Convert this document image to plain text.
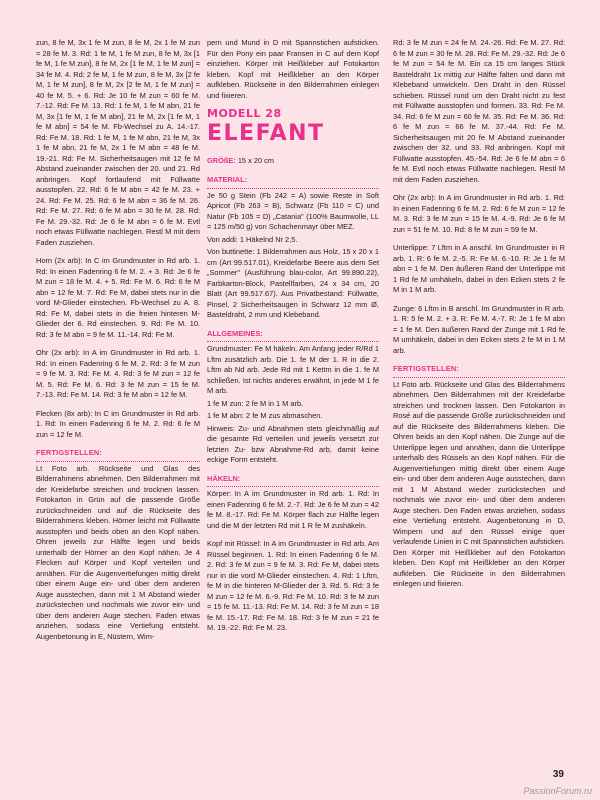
zun, 8 fe M, 3x 1 fe M zun, 8 fe M, 2x 1 fe M zun = 28 fe M. 3. Rd: 1 fe M, 1 fe M zun, 8 fe M, 3x [1 fe M, 1 fe M zun], 8 fe M, 2x [1 fe M, 1 fe M zun] = 34 fe M. 4. Rd: 2 fe M, 1 fe M zun, 8 fe M, 3x [2 fe M, 1 fe M zun], 8 fe M, 2x [2 fe M, 1 fe M zun] = 40 fe M. 5. + 6. Rd: Je 10 fe M zun = 60 fe M. 7.-12. Rd: Fe M. 13. Rd: 1 fe M, 1 fe M abn, 21 fe M, 3x [1 fe M, 1 fe M abn], 21 fe M, 2x [1 fe M, 1 fe M abn] = 54 fe M. Fb-Wechsel zu A. 14.-17. Rd: Fe M. 18. Rd: 1 fe M, 1 fe M abn, 21 fe M, 3x 1 fe M abn, 21 fe M, 2x 1 fe M abn = 48 fe M. 19.-21. Rd: Fe M. Sicherheitsaugen mit 12 fe M Abstand zueinander zwischen der 20. und 21. Rd anbringen. Kopf fortlaufend mit Füllwatte ausstopfen. 22. Rd: 6 fe M abn = 42 fe M. 23. + 24. Rd: Fe M. 25. Rd: 6 fe M abn = 36 fe M. 26. Rd: Fe M. 27. Rd: 6 fe M abn = 30 fe M. 28. Rd: Fe M. 29.-32. Rd: Je 6 fe M abn = 6 fe M. Evtl noch etwas Füllwatte nachlegen. Restl M mit dem Faden zusziehen.

Horn (2x arb): In C im Grundmuster in Rd arb. 1. Rd: In einen Fadenring 6 fe M. 2. + 3. Rd: Je 6 fe M zun = 18 fe M. 4. + 5. Rd: Fe M. 6. Rd: 6 fe M abn = 12 fe M. 7. Rd: Fe M, dabei stets nur in die vord M-Glieder einstechen. Fb-Wechsel zu A. 8. Rd: Fe M, dabei stets in die freien hinteren M-Glieder der 6. Rd einstechen. 9. Rd: Fe M. 10. Rd: 3 fe M abn = 9 fe M. 11.-14. Rd: Fe M.

Ohr (2x arb): In A im Grundmuster in Rd arb. 1. Rd: In einen Fadenring 6 fe M. 2. Rd: 3 fe M zun = 9 fe M. 3. Rd: Fe M. 4. Rd: 3 fe M zun = 12 fe M. 5. Rd: Fe M. 6. Rd: 3 fe M zun = 15 fe M. 7.-13. Rd: Fe M. 14. Rd: 3 fe M abn = 12 fe M.

Flecken (8x arb): In C im Grundmuster in Rd arb. 1. Rd: In einen Fadenring 6 fe M. 2. Rd: 6 fe M zun = 12 fe M.

FERTIGSTELLEN:

Lt Foto arb. Rückseite und Glas des Bilderrahmens abnehmen. Den Bilderrahmen mit der Kreidefarbe streichen und trocknen lassen. Fotokarton in Grün auf die passende Größe zurückschneiden und auf die Rückseite des Bilderrahmens kleben. Hörner leicht mit Füllwatte ausstopfen und beids oben an den Kopf nähen. Ohren jeweils zur Hälfte legen und beids unterhalb der Hörner an den Kopf nähen. Je 4 Flecken auf Körper und Kopf verteilen und annähen. Für die Augenvertiefungen mittig direkt über einem Auge ein- und über dem anderen Auge ausstechen, dann mit 1 M Abstand wieder zurückstechen und nochmals wie zuvor ein- und über dem anderen Auge stechen. Faden etwas anziehen, sodass eine Vertiefung entsteht. Augenbetonung in E, Nüstern, Wim-

pern und Mund in D mit Spannstichen aufsticken. Für den Pony ein paar Fransen in C auf dem Kopf einziehen. Körper mit Heißkleber auf Fotokarton kleben. Kopf mit Heißkleber an den Körper aufkleben. Rückseite in den Bilderrahmen einlegen und fixieren.

MODELL 28
ELEFANT
GRÖßE: 15 x 20 cm
MATERIAL:

Je 50 g Stein (Fb 242 = A) sowie Reste in Soft Apricot (Fb 263 = B), Schwarz (Fb 110 = C) und Natur (Fb 105 = D) „Catania" (100% Baumwolle, LL = 125 m/50 g) von Schachenmayr über MEZ.

Von addi: 1 Häkelnd Nr 2,5.

Von buttinette: 1 Bilderrahmen aus Holz, 15 x 20 x 1 cm (Art 99.517.01), Kreidefarbe Beere aus dem Set „Sommer" (Ausführung blau-color, Art 99.890.22), Farbkarton-Block, Pastellfarben, 24 x 34 cm, 20 Blatt (Art 99.517.67). Aus Privatbestand: Füllwatte, Pinsel, 2 Sicherheitsaugen in Schwarz 12 mm Ø, Basteldraht, 2 mm und Klebeband.

ALLGEMEINES:

Grundmuster: Fe M häkeln. Am Anfang jeder R/Rd 1 Lftm zusätzlich arb. Die 1. fe M der 1. R in die 2. Lftm ab Nd arb. Jede Rd mit 1 Kettm in die 1. fe M schließen. Ist nichts anderes erwähnt, in jede M 1 fe M arb.

1 fe M zun: 2 fe M in 1 M arb.

1 fe M abn: 2 fe M zus abmaschen.

Hinweis: Zu- und Abnahmen stets gleichmäßig auf die gesamte Rd verteilen und jeweils versetzt zur letzten Zu- bzw Abnahme-Rd arb, damit keine eckige Form entsteht.

HÄKELN:

Körper: In A im Grundmuster in Rd arb. 1. Rd: In einen Fadenring 6 fe M. 2.-7. Rd: Je 6 fe M zun = 42 fe M. 8.-17. Rd: Fe M. Körper flach zur Hälfte legen und die M der letzten Rd mit 1 R fe M zushäkeln.

Kopf mit Rüssel: In A im Grundmuster in Rd arb. Am Rüssel beginnen. 1. Rd: In einen Fadenring 6 fe M. 2. Rd: 3 fe M zun = 9 fe M. 3. Rd: Fe M, dabei stets nur in die vord M-Glieder einstechen. 4. Rd: 1 Lftm, fe M in die hinteren M-Glieder der 3. Rd. 5. Rd: 3 fe M zun = 12 fe M. 6.-9. Rd: Fe M. 10. Rd: 3 fe M zun = 15 fe M. 11.-13. Rd: Fe M. 14. Rd: 3 fe M zun = 18 fe M. 15.-17. Rd: Fe M. 18. Rd: 3 fe M zun = 21 fe M. 19.-22. Rd: Fe M. 23.

Rd: 3 fe M zun = 24 fe M. 24.-26. Rd: Fe M. 27. Rd: 6 fe M zun = 30 fe M. 28. Rd: Fe M. 29.-32. Rd: Je 6 fe M zun = 54 fe M. Ein ca 15 cm langes Stück Basteldraht 1x mittig zur Hälfte falten und dann mit Klebeband umwickeln. Den Draht in den Rüssel schieben. Rüssel rund um den Draht nicht zu fest mit Füllwatte ausstopfen und formen. 33. Rd: Fe M. 34. Rd: 6 fe M zun = 60 fe M. 35. Rd: Fe M. 36. Rd: 6 fe M zun = 66 fe M. 37.-44. Rd: Fe M. Sicherheitsaugen mit 20 fe M Abstand zueinander zwischen der 32. und 33. Rd anbringen. Kopf mit Füllwatte ausstopfen. 45.-54. Rd: Je 6 fe M abn = 6 fe M. Evtl noch etwas Füllwatte nachlegen. Restl M mit dem Faden zusziehen.

Ohr (2x arb): In A im Grundmuster in Rd arb. 1. Rd: In einen Fadenring 6 fe M. 2. Rd: 6 fe M zun = 12 fe M. 3. Rd: 3 fe M zun = 15 fe M. 4.-9. Rd: Je 6 fe M zun = 51 fe M. 10. Rd: 8 fe M zun = 59 fe M.

Unterlippe: 7 Lftm in A anschl. Im Grundmuster in R arb. 1. R: 6 fe M. 2.-5. R: Fe M. 6.-10. R: Je 1 fe M abn = 1 fe M. Den äußeren Rand der Unterlippe mit 1 Rd fe M umhäkeln, dabei in den Ecken stets 2 fe M in 1 M arb.

Zunge: 6 Lftm in B anschl. Im Grundmuster in R arb. 1. R: 5 fe M. 2. + 3. R: Fe M. 4.-7. R: Je 1 fe M abn = 1 fe M. Den äußeren Rand der Zunge mit 1 Rd fe M umhäkeln, dabei in den Ecken stets 2 fe M in 1 M arb.

FERTIGSTELLEN:

Lt Foto arb. Rückseite und Glas des Bilderrahmens abnehmen. Den Bilderrahmen mit der Kreidefarbe streichen und trocknen lassen. Den Fotokarton in Rosé auf die passende Größe zurückschneiden und auf die Rückseite des Bilderrahmens kleben. Die Ohren beids an den Kopf nähen. Die Zunge auf die Unterlippe legen und annähen, dann die Unterlippe unterhalb des Rüssels an den Kopf nähen. Für die Augenvertiefungen mittig direkt über einem Auge ein- und über dem anderen Auge ausstechen, dann mit 1 M Abstand wieder zurückstechen und nochmals wie zuvor ein- und über dem anderen Auge stechen. Den Faden etwas anziehen, sodass eine Vertiefung entsteht. Augenbetonung in D, Wimpern und auf den Rüssel einige quer verlaufende Linien in C mit Spannstichen aufsticken. Den Körper mit Heißkleber auf den Fotokarton kleben. Den Kopf mit Heißkleber an den Körper aufkleben. Die Rückseite in den Bilderrahmen einlegen und fixieren.

39
PassionForum.ru
